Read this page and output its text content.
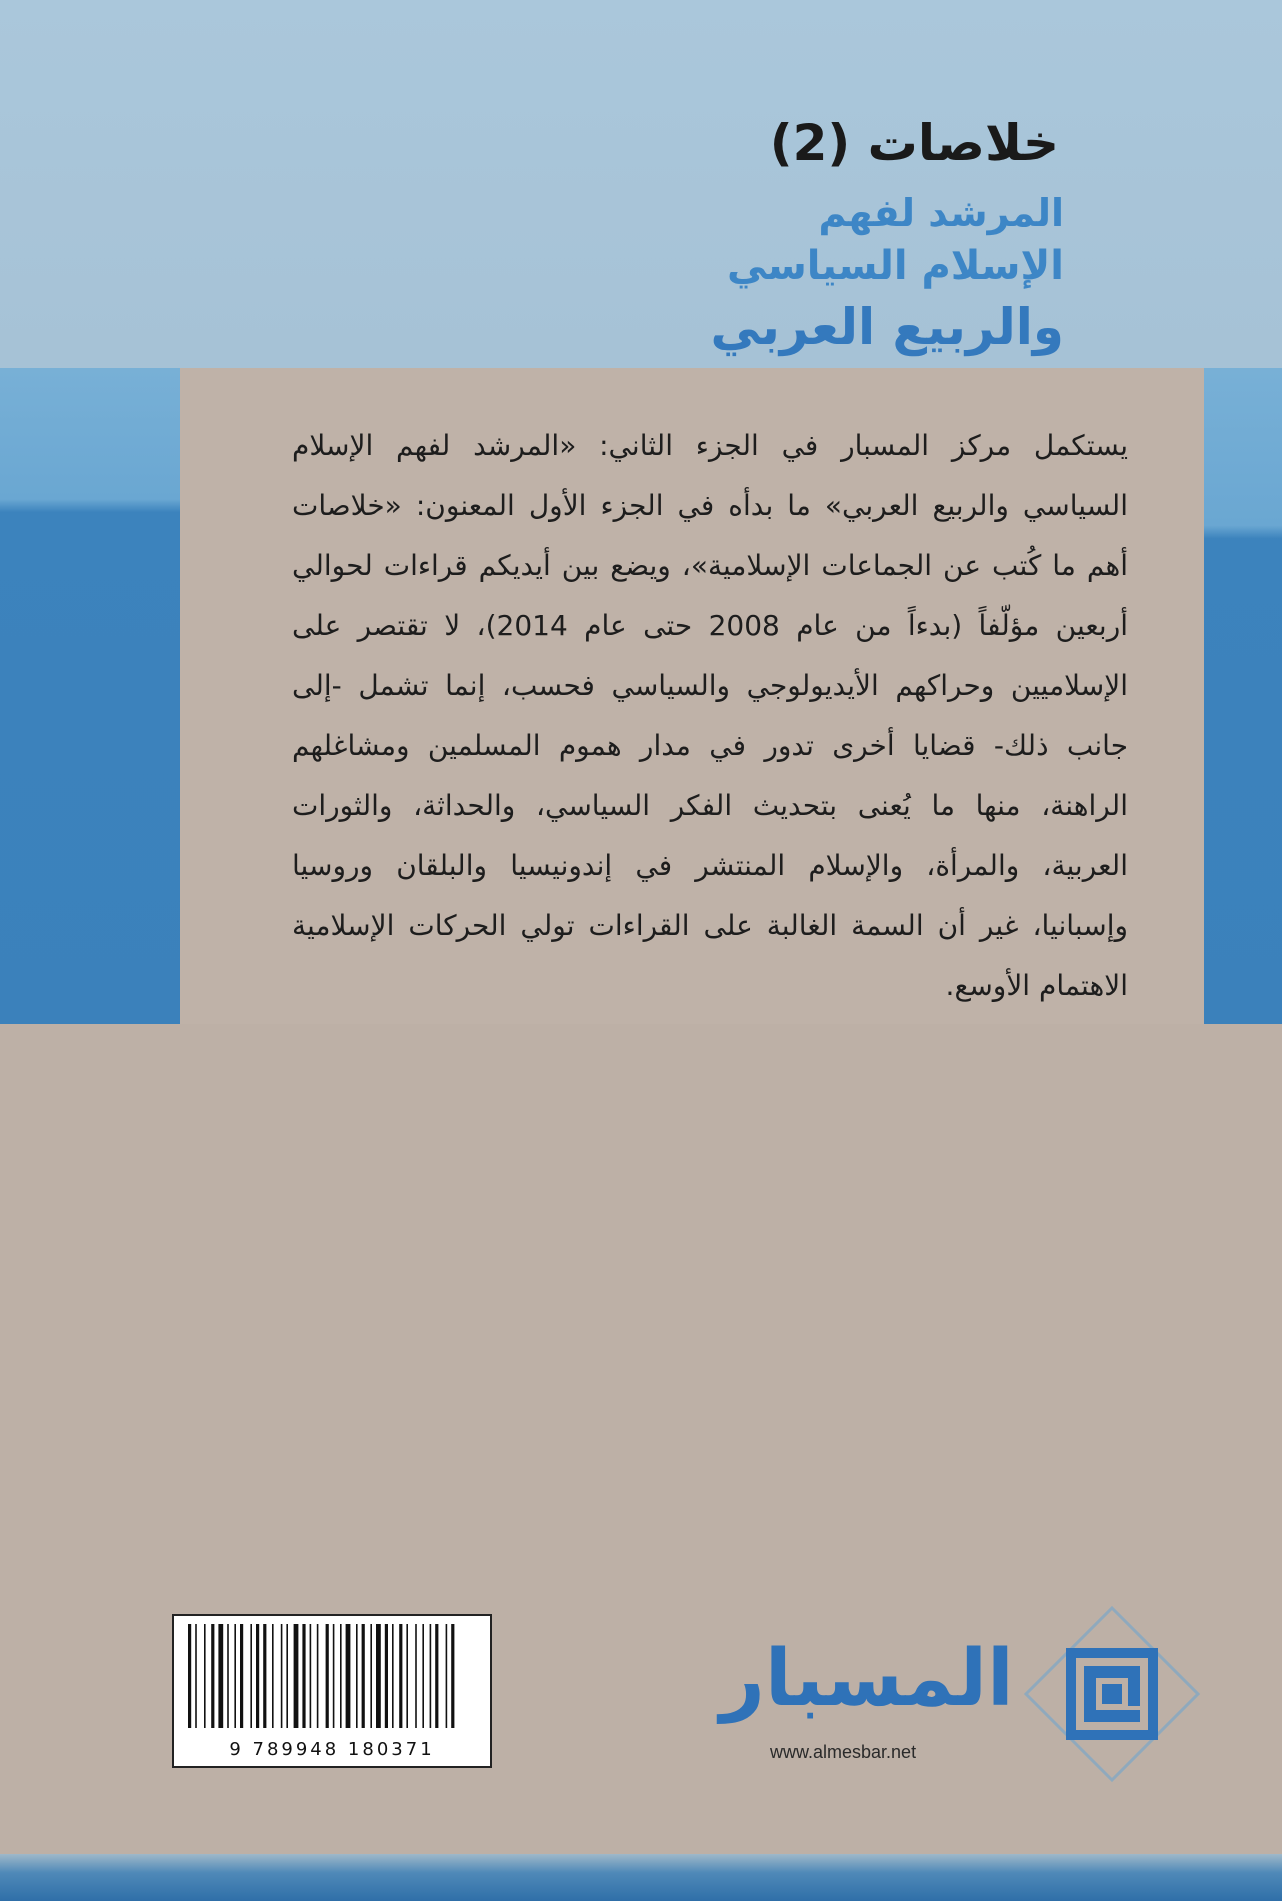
خلاصات (2)

المرشد لفهم

الإسلام السياسي

والربيع العربي

يستكمل مركز المسبار في الجزء الثاني: «المرشد لفهم الإسلام السياسي والربيع العربي» ما بدأه في الجزء الأول المعنون: «خلاصات أهم ما كُتب عن الجماعات الإسلامية»، ويضع بين أيديكم قراءات لحوالي أربعين مؤلّفاً (بدءاً من عام 2008 حتى عام 2014)، لا تقتصر على الإسلاميين وحراكهم الأيديولوجي والسياسي فحسب، إنما تشمل -إلى جانب ذلك- قضايا أخرى تدور في مدار هموم المسلمين ومشاغلهم الراهنة، منها ما يُعنى بتحديث الفكر السياسي، والحداثة، والثورات العربية، والمرأة، والإسلام المنتشر في إندونيسيا والبلقان وروسيا وإسبانيا، غير أن السمة الغالبة على القراءات تولي الحركات الإسلامية الاهتمام الأوسع.

9 789948 180371

المسبار

www.almesbar.net
